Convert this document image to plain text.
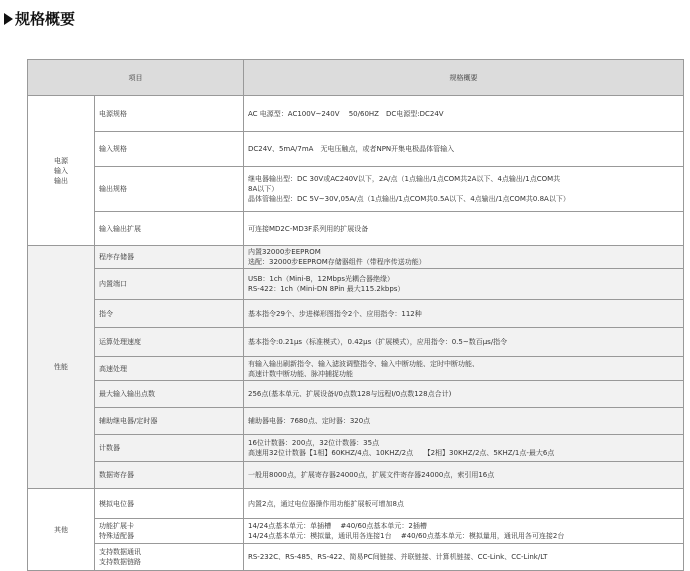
规格概要
项目		规格概要
电源
输入
输出	电源规格	AC 电源型：AC100V~240V　 50/60HZ　DC电源型:DC24V

	输入规格	DC24V、5mA/7mA　无电压触点，或者NPN开集电极晶体管输入

	输出规格	继电器输出型：DC 30V或AC240V以下，2A/点（1点输出/1点COM共2A以下、4点输出/1点COM共
8A以下）
晶体管输出型：DC 5V~30V,05A/点（1点输出/1点COM共0.5A以下、4点输出/1点COM共0.8A以下）

	输入输出扩展	可连接MD2C-MD3F系列用的扩展设备

性能	程序存储器	内置32000步EEPROM
选配：32000步EEPROM存储器组件（带程序传送功能）

	内置端口	USB：1ch（Mini-B，12Mbps光耦合器绝缘）
RS-422：1ch（Mini-DN 8Pin 最大115.2kbps）

	指令	基本指令29个、步进梯形图指令2个、应用指令：112种

	运算处理速度	基本指令:0.21μs（标准模式），0.42μs（扩展模式），应用指令：0.5~数百μs/指令

	高速处理	有输入输出刷新指令、输入滤波调整指令、输入中断功能、定时中断功能、
高速计数中断功能、脉冲捕捉功能

	最大输入输出点数	256点(基本单元、扩展设备I/0点数128与远程I/0点数128点合计)

	辅助继电器/定时器	辅助器电器：7680点、定时器：320点

	计数器	16位计数器：200点，32位计数器：35点
高速用32位计数器【1相】60KHZ/4点、10KHZ/2点　　【2相】30KHZ/2点、5KHZ/1点-最大6点

	数据寄存器	一般用8000点，扩展寄存器24000点，扩展文件寄存器24000点，索引用16点

其他	模拟电位器	内置2点，通过电位器操作用功能扩展板可增加8点

	功能扩展卡
特殊适配器	14/24点基本单元：单插槽　 #40/60点基本单元：2插槽
14/24点基本单元：模拟量，通讯用各连接1台　 #40/60点基本单元：模拟量用，通讯用各可连接2台

	支持数据通讯
支持数据链路	RS-232C、RS-485、RS-422、简易PC间链接、并联链接、计算机链接、CC-Link、CC-Link/LT
